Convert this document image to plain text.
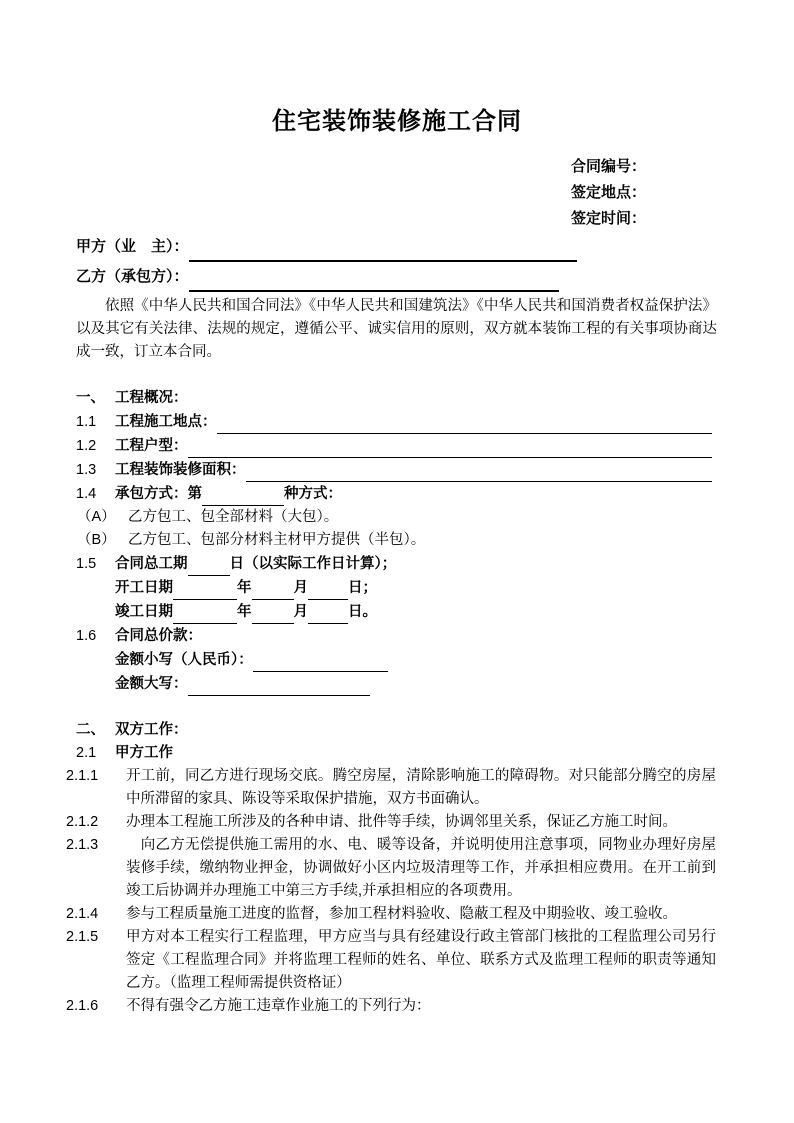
住宅装饰装修施工合同
合同编号：
签定地点：
签定时间：
甲方（业　主）：
乙方（承包方）：
依照《中华人民共和国合同法》《中华人民共和国建筑法》《中华人民共和国消费者权益保护法》以及其它有关法律、法规的规定，遵循公平、诚实信用的原则，双方就本装饰工程的有关事项协商达成一致，订立本合同。
一、 工程概况：
1.1 工程施工地点：
1.2 工程户型：
1.3 工程装饰装修面积：
1.4 承包方式：第	种方式：
（A） 乙方包工、包全部材料（大包）。
（B） 乙方包工、包部分材料主材甲方提供（半包）。
1.5 合同总工期	日（以实际工作日计算）；
开工日期	年	月	日；
竣工日期	年	月	日。
1.6 合同总价款：
金额小写（人民币）：
金额大写：
二、 双方工作：
2.1 甲方工作
2.1.1 开工前，同乙方进行现场交底。腾空房屋，清除影响施工的障碍物。对只能部分腾空的房屋中所滞留的家具、陈设等采取保护措施，双方书面确认。
2.1.2 办理本工程施工所涉及的各种申请、批件等手续，协调邻里关系，保证乙方施工时间。
2.1.3 　向乙方无偿提供施工需用的水、电、暖等设备，并说明使用注意事项，同物业办理好房屋装修手续，缴纳物业押金，协调做好小区内垃圾清理等工作，并承担相应费用。在开工前到竣工后协调并办理施工中第三方手续,并承担相应的各项费用。
2.1.4 参与工程质量施工进度的监督，参加工程材料验收、隐蔽工程及中期验收、竣工验收。
2.1.5 甲方对本工程实行工程监理，甲方应当与具有经建设行政主管部门核批的工程监理公司另行签定《工程监理合同》并将监理工程师的姓名、单位、联系方式及监理工程师的职责等通知乙方。（监理工程师需提供资格证）
2.1.6 不得有强令乙方施工违章作业施工的下列行为：
